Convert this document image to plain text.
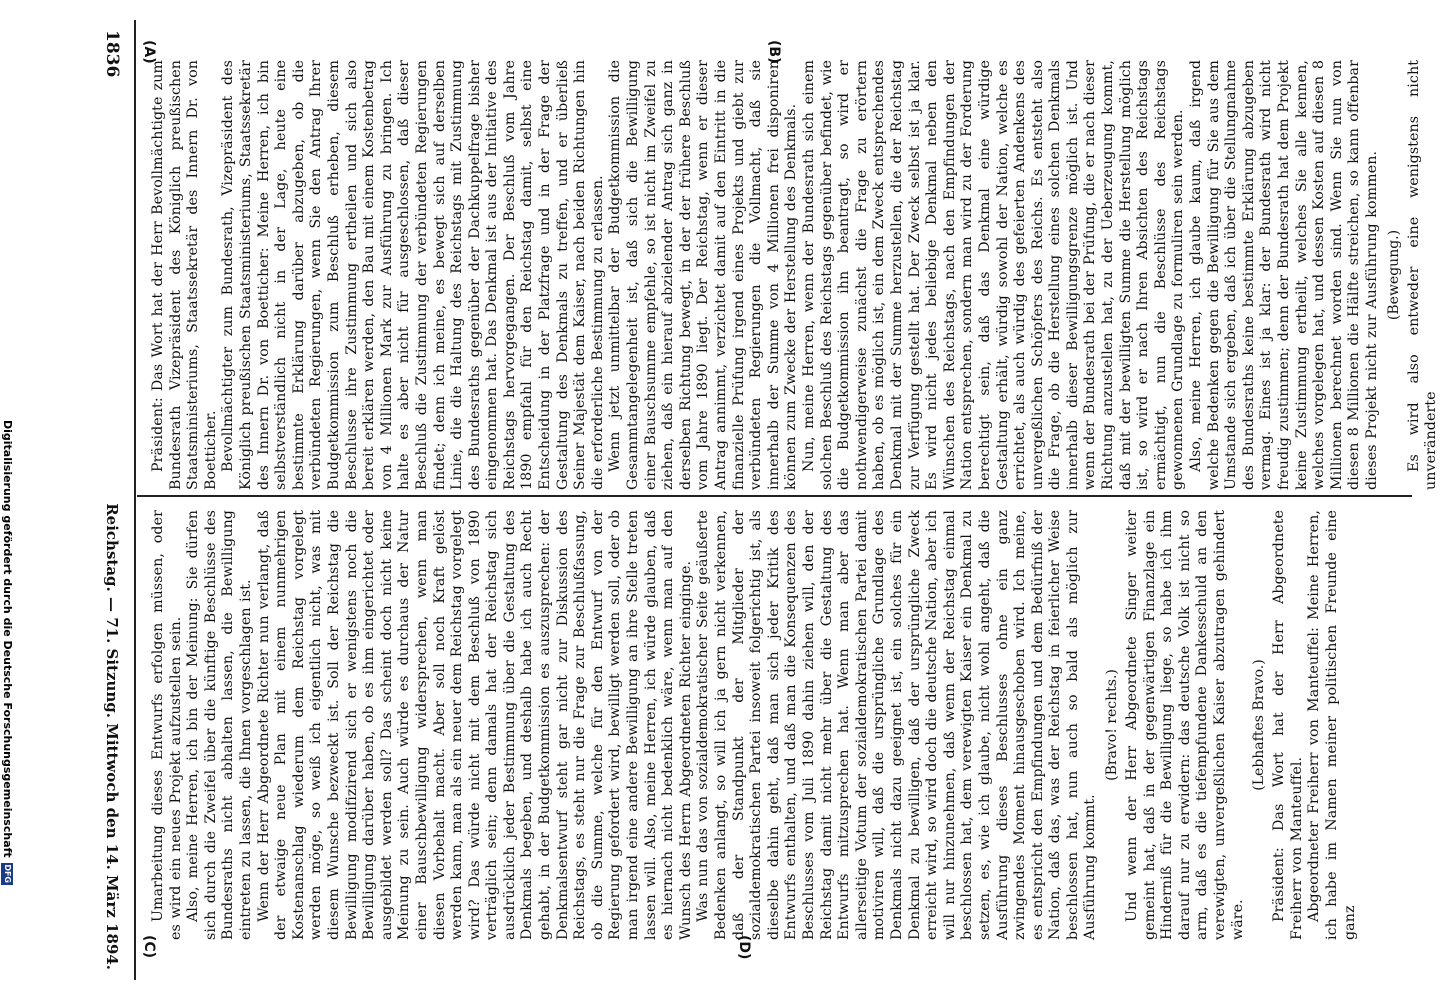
Digitalisierung gefördert durch die Deutsche Forschungsgemeinschaft
DFG
1836
Reichstag. — 71. Sitzung. Mittwoch den 14. März 1894.
(A)	(B)
(C)	(D)

Präsident: Das Wort hat der Herr Bevollmächtigte zum Bundesrath Vizepräsident des Königlich preußischen Staatsministeriums, Staatssekretär des Innern Dr. von Boetticher. Bevollmächtigter zum Bundesrath, Vizepräsident des Königlich preußischen Staatsministeriums, Staatssekretär des Innern Dr. von Boetticher: Meine Herren, ich bin selbstverständlich nicht in der Lage, heute eine bestimmte Erklärung darüber abzugeben, ob die verbündeten Regierungen, wenn Sie den Antrag Ihrer Budgetkommission zum Beschluß erheben, diesem Beschlusse ihre Zustimmung ertheilen und sich also bereit erklären werden, den Bau mit einem Kostenbetrag von 4 Millionen Mark zur Ausführung zu bringen. Ich halte es aber nicht für ausgeschlossen, daß dieser Beschluß die Zustimmung der verbündeten Regierungen findet; denn ich meine, es bewegt sich auf derselben Linie, die die Haltung des Reichstags mit Zustimmung des Bundesraths gegenüber der Dachkuppelfrage bisher eingenommen hat. Das Denkmal ist aus der Initiative des Reichstags hervorgegangen. Der Beschluß vom Jahre 1890 empfahl für den Reichstag damit, selbst eine Entscheidung in der Platzfrage und in der Frage der Gestaltung des Denkmals zu treffen, und er überließ Seiner Majestät dem Kaiser, nach beiden Richtungen hin die erforderliche Bestimmung zu erlassen. Wenn jetzt unmittelbar der Budgetkommission die Gesammtangelegenheit ist, daß sich die Bewilligung einer Bauschsumme empfehle, so ist nicht im Zweifel zu ziehen, daß ein hierauf abzielender Antrag sich ganz in derselben Richtung bewegt, in der der frühere Beschluß vom Jahre 1890 liegt. Der Reichstag, wenn er dieser Antrag annimmt, verzichtet damit auf den Eintritt in die finanzielle Prüfung irgend eines Projekts und giebt zur verbündeten Regierungen die Vollmacht, daß sie innerhalb der Summe von 4 Millionen frei disponiren können zum Zwecke der Herstellung des Denkmals. Nun, meine Herren, wenn der Bundesrath sich einem solchen Beschluß des Reichstags gegenüber befindet, wie die Budgetkommission ihn beantragt, so wird er nothwendigerweise zunächst die Frage zu erörtern haben, ob es möglich ist, ein dem Zweck entsprechendes Denkmal mit der Summe herzustellen, die der Reichstag zur Verfügung gestellt hat. Der Zweck selbst ist ja klar. Es wird nicht jedes beliebige Denkmal neben den Wünschen des Reichstags, nach den Empfindungen der Nation entsprechen, sondern man wird zu der Forderung berechtigt sein, daß das Denkmal eine würdige Gestaltung erhält, würdig sowohl der Nation, welche es errichtet, als auch würdig des gefeierten Andenkens des unvergeßlichen Schöpfers des Reichs. Es entsteht also die Frage, ob die Herstellung eines solchen Denkmals innerhalb dieser Bewilligungsgrenze möglich ist. Und wenn der Bundesrath bei der Prüfung, die er nach dieser Richtung anzustellen hat, zu der Ueberzeugung kommt, daß mit der bewilligten Summe die Herstellung möglich ist, so wird er nach Ihren Absichten des Reichstags ermächtigt, nun die Beschlüsse des Reichstags gewonnenen Grundlage zu formuliren sein werden. Also, meine Herren, ich glaube kaum, daß irgend welche Bedenken gegen die Bewilligung für Sie aus dem Umstande sich ergeben, daß ich über die Stellungnahme des Bundesraths keine bestimmte Erklärung abzugeben vermag. Eines ist ja klar: der Bundesrath wird nicht freudig zustimmen; denn der Bundesrath hat dem Projekt keine Zustimmung ertheilt, welches Sie alle kennen, welches vorgelegen hat, und dessen Kosten auf diesen 8 Millionen berechnet worden sind. Wenn Sie nun von diesen 8 Millionen die Hälfte streichen, so kann offenbar dieses Projekt nicht zur Ausführung kommen. (Bewegung.) Es wird also entweder eine wenigstens nicht unveränderte

Umarbeitung dieses Entwurfs erfolgen müssen, oder es wird ein neues Projekt aufzustellen sein. Also, meine Herren, ich bin der Meinung: Sie dürfen sich durch die Zweifel über die künftige Beschlüsse des Bundesraths nicht abhalten lassen, die Bewilligung eintreten zu lassen, die Ihnen vorgeschlagen ist. Wenn der Herr Abgeordnete Richter nun verlangt, daß der etwaige neue Plan mit einem nunmehrigen Kostenanschlag wiederum dem Reichstag vorgelegt werden möge, so weiß ich eigentlich nicht, was mit diesem Wunsche bezweckt ist. Soll der Reichstag die Bewilligung modifizirend sich er wenigstens noch die Bewilligung darüber haben, ob es ihm eingerichtet oder ausgebildet werden soll? Das scheint doch nicht keine Meinung zu sein. Auch würde es durchaus der Natur einer Bauschbewilligung widersprechen, wenn man diesen Vorbehalt macht. Aber soll noch Kraft gelöst werden kann, man als ein neuer dem Reichstag vorgelegt wird? Das würde nicht mit dem Beschluß von 1890 verträglich sein; denn damals hat der Reichstag sich ausdrücklich jeder Bestimmung über die Gestaltung des Denkmals begeben, und deshalb habe ich auch Recht gehabt, in der Budgetkommission es auszusprechen: der Denkmalsentwurf steht gar nicht zur Diskussion des Reichstags, es steht nur die Frage zur Beschlußfassung, ob die Summe, welche für den Entwurf von der Regierung gefordert wird, bewilligt werden soll, oder ob man irgend eine andere Bewilligung an ihre Stelle treten lassen will. Also, meine Herren, ich würde glauben, daß es hiernach nicht bedenklich wäre, wenn man auf den Wunsch des Herrn Abgeordneten Richter einginge. Was nun das von sozialdemokratischer Seite geäußerte Bedenken anlangt, so will ich ja gern nicht verkennen, daß der Standpunkt der Mitglieder der sozialdemokratischen Partei insoweit folgerichtig ist, als dieselbe dahin geht, daß man sich jeder Kritik des Entwurfs enthalten, und daß man die Konsequenzen des Beschlusses vom Juli 1890 dahin ziehen will, den der Reichstag damit nicht mehr über die Gestaltung des Entwurfs mitzusprechen hat. Wenn man aber das allerseitige Votum der sozialdemokratischen Partei damit motiviren will, daß die ursprüngliche Grundlage des Denkmals nicht dazu geeignet ist, ein solches für ein Denkmal zu bewilligen, daß der ursprüngliche Zweck erreicht wird, so wird doch die deutsche Nation, aber ich will nur hinzunehmen, daß wenn der Reichstag einmal beschlossen hat, dem verewigten Kaiser ein Denkmal zu setzen, es, wie ich glaube, nicht wohl angeht, daß die Ausführung dieses Beschlusses ohne ein ganz zwingendes Moment hinausgeschoben wird. Ich meine, es entspricht den Empfindungen und dem Bedürfniß der Nation, daß das, was der Reichstag in feierlicher Weise beschlossen hat, nun auch so bald als möglich zur Ausführung kommt.

(Bravo! rechts.) Und wenn der Herr Abgeordnete Singer weiter gemeint hat, daß in der gegenwärtigen Finanzlage ein Hinderniß für die Bewilligung liege, so habe ich ihm darauf nur zu erwidern: das deutsche Volk ist nicht so arm, daß es die tiefempfundene Dankesschuld an den verewigten, unvergeßlichen Kaiser abzutragen gehindert wäre.

(Lebhaftes Bravo.) Präsident: Das Wort hat der Herr Abgeordnete Freiherr von Manteuffel. Abgeordneter Freiherr von Manteuffel: Meine Herren, ich habe im Namen meiner politischen Freunde eine ganz
